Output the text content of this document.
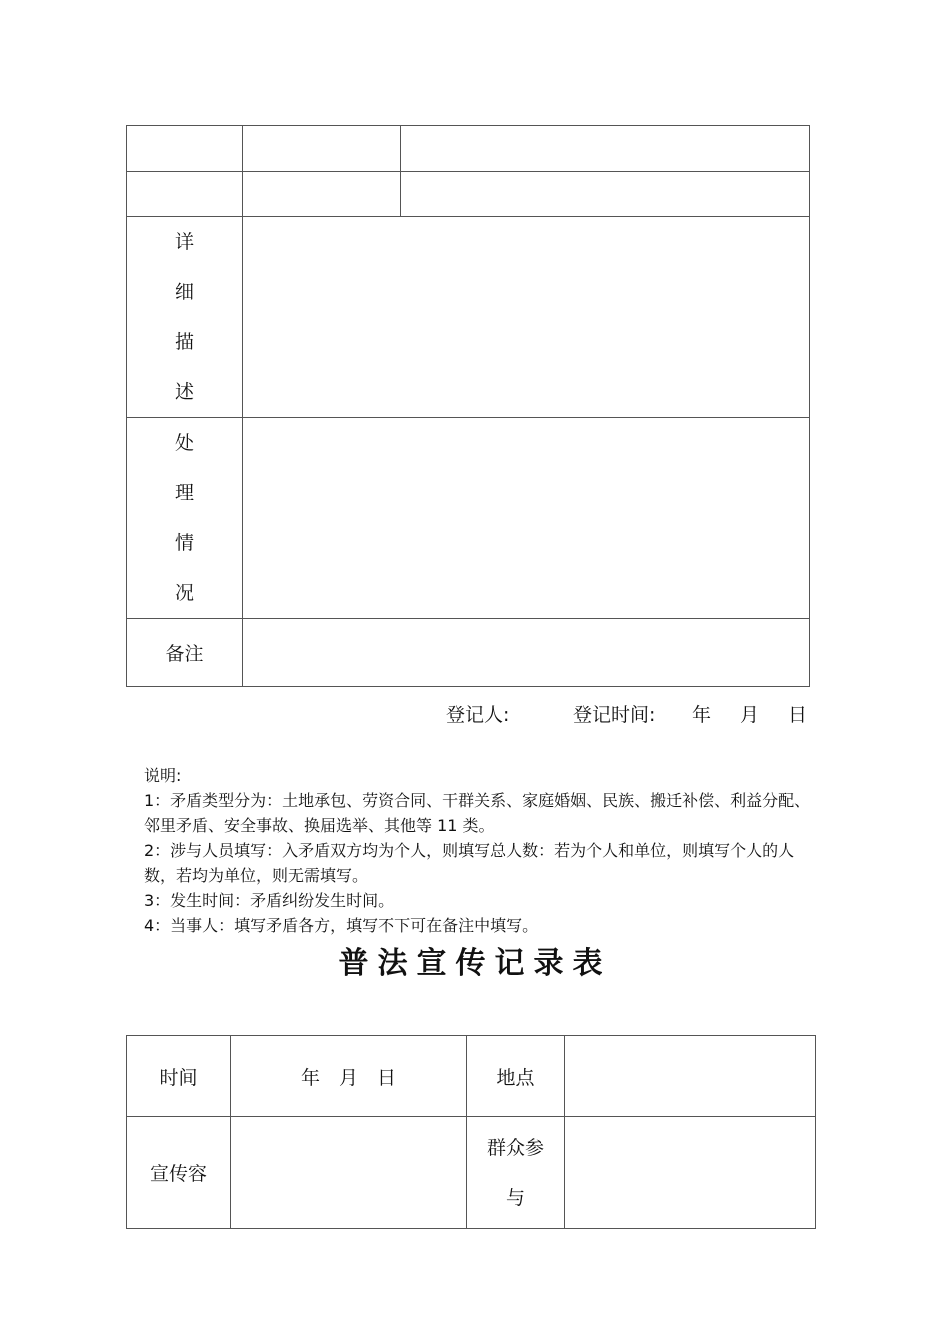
详
细
描
述		

处
理
情
况		

备注		
登记人:	登记时间: 年 月 日
说明:
1：矛盾类型分为：土地承包、劳资合同、干群关系、家庭婚姻、民族、搬迁补偿、利益分配、邻里矛盾、安全事故、换届选举、其他等 11 类。
2：涉与人员填写：入矛盾双方均为个人，则填写总人数：若为个人和单位，则填写个人的人数，若均为单位，则无需填写。
3：发生时间：矛盾纠纷发生时间。
4：当事人：填写矛盾各方，填写不下可在备注中填写。
普法宣传记录表
时间	年　月　日	地点	
宣传容		群众参
与	
